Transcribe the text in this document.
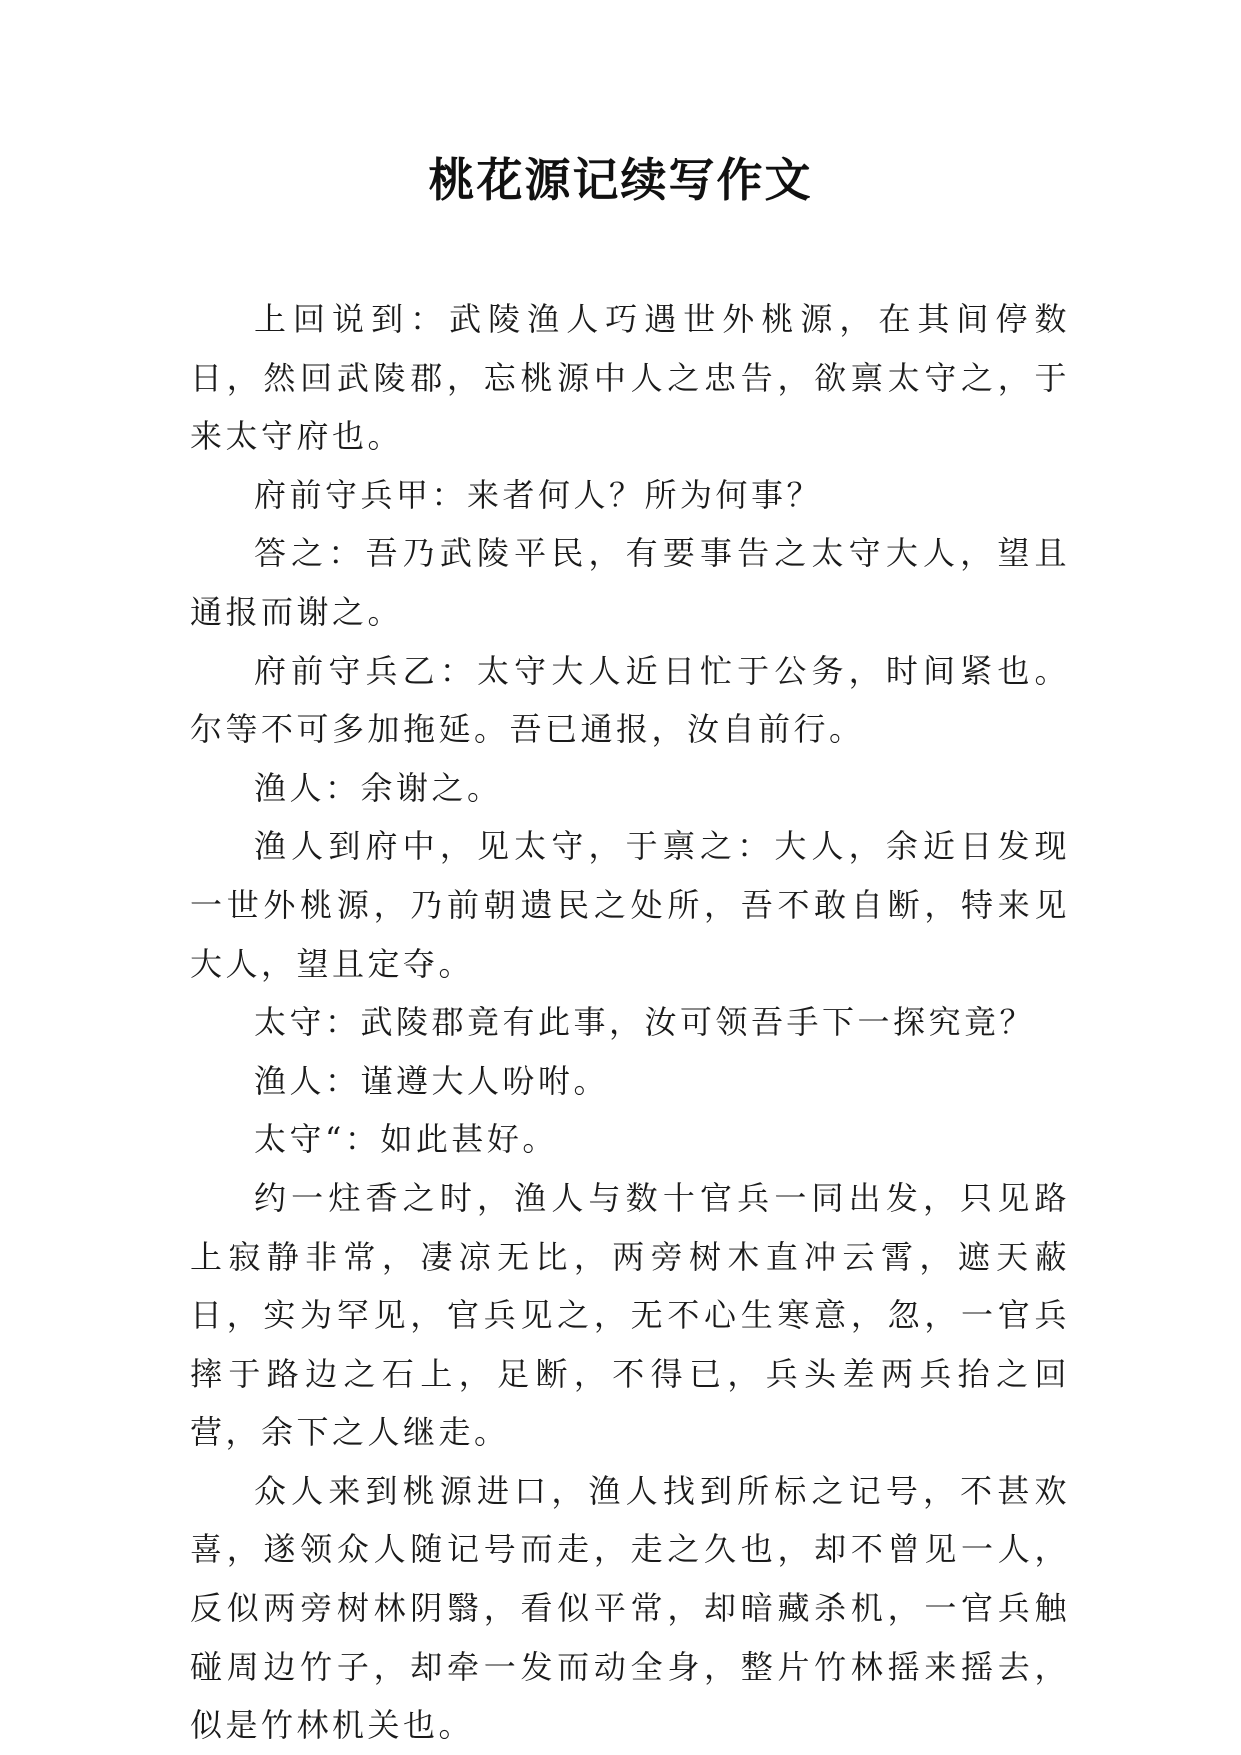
桃花源记续写作文

上回说到：武陵渔人巧遇世外桃源，在其间停数日，然回武陵郡，忘桃源中人之忠告，欲禀太守之，于来太守府也。

府前守兵甲：来者何人？所为何事？

答之：吾乃武陵平民，有要事告之太守大人，望且通报而谢之。

府前守兵乙：太守大人近日忙于公务，时间紧也。尔等不可多加拖延。吾已通报，汝自前行。

渔人：余谢之。

渔人到府中，见太守，于禀之：大人，余近日发现一世外桃源，乃前朝遗民之处所，吾不敢自断，特来见大人，望且定夺。

太守：武陵郡竟有此事，汝可领吾手下一探究竟？

渔人：谨遵大人吩咐。

太守“：如此甚好。

约一炷香之时，渔人与数十官兵一同出发，只见路上寂静非常，凄凉无比，两旁树木直冲云霄，遮天蔽日，实为罕见，官兵见之，无不心生寒意，忽，一官兵摔于路边之石上，足断，不得已，兵头差两兵抬之回营，余下之人继走。

众人来到桃源进口，渔人找到所标之记号，不甚欢喜，遂领众人随记号而走，走之久也，却不曾见一人，反似两旁树林阴翳，看似平常，却暗藏杀机，一官兵触碰周边竹子，却牵一发而动全身，整片竹林摇来摇去，似是竹林机关也。
